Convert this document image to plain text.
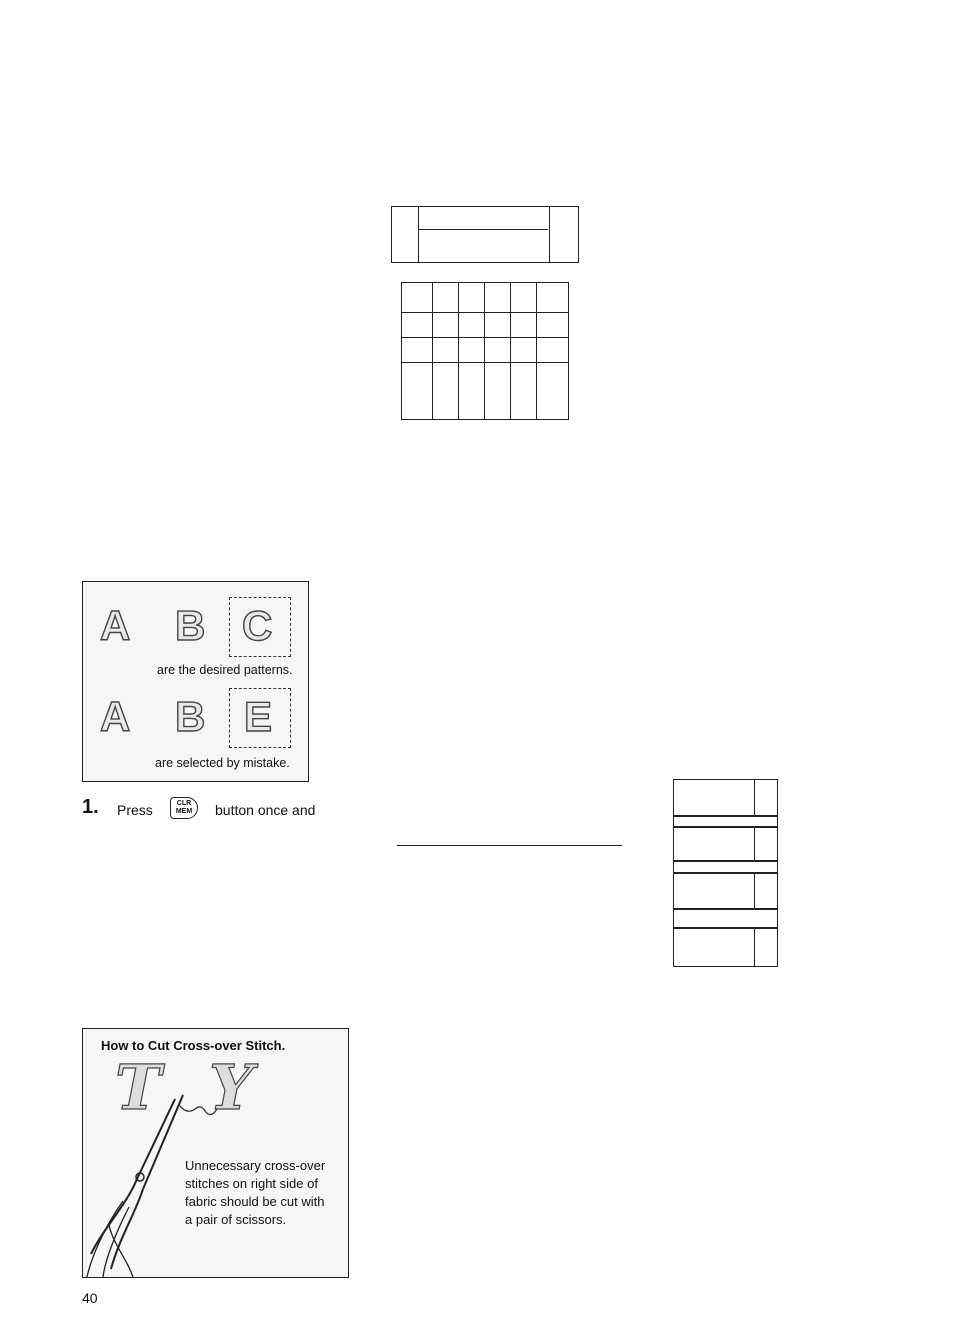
A B C
are the desired patterns.
A B E
are selected by mistake.
1. Press	CLR
MEM	button once and
How to Cut Cross-over Stitch.
T Y
Unnecessary cross-over
stitches on right side of
fabric should be cut with
a pair of scissors.
40
